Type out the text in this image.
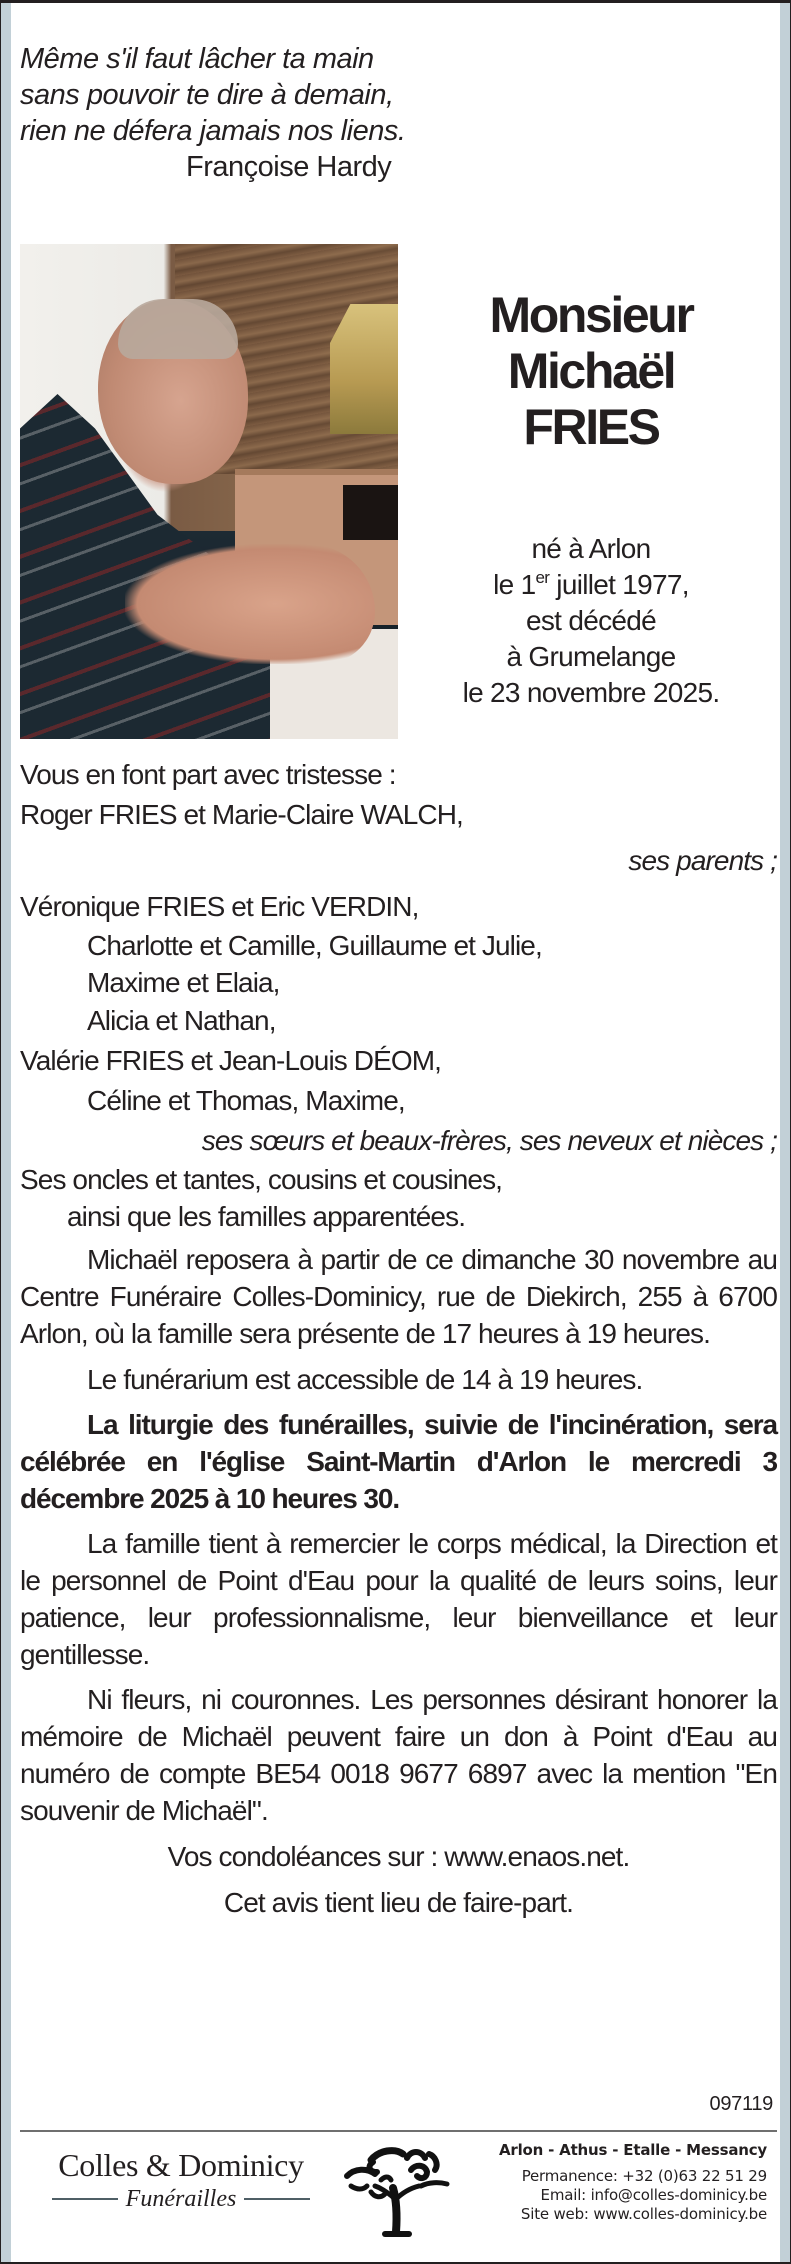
Même s'il faut lâcher ta main
sans pouvoir te dire à demain,
rien ne défera jamais nos liens.
Françoise Hardy
Monsieur
Michaël
FRIES
né à Arlon
le 1er juillet 1977,
est décédé
à Grumelange
le 23 novembre 2025.

Vous en font part avec tristesse :

Roger FRIES et Marie-Claire WALCH,

ses parents ;

Véronique FRIES et Eric VERDIN,

Charlotte et Camille, Guillaume et Julie,

Maxime et Elaia,

Alicia et Nathan,

Valérie FRIES et Jean-Louis DÉOM,

Céline et Thomas, Maxime,

ses sœurs et beaux-frères, ses neveux et nièces ;

Ses oncles et tantes, cousins et cousines,

ainsi que les familles apparentées.

Michaël reposera à partir de ce dimanche 30 novembre au Centre Funéraire Colles-Dominicy, rue de Diekirch, 255 à 6700 Arlon, où la famille sera présente de 17 heures à 19 heures.

Le funérarium est accessible de 14 à 19 heures.

La liturgie des funérailles, suivie de l'incinération, sera célébrée en l'église Saint-Martin d'Arlon le mercredi 3 décembre 2025 à 10 heures 30.

La famille tient à remercier le corps médical, la Direction et le personnel de Point d'Eau pour la qualité de leurs soins, leur patience, leur professionnalisme, leur bienveillance et leur gentillesse.

Ni fleurs, ni couronnes. Les personnes désirant honorer la mémoire de Michaël peuvent faire un don à Point d'Eau au numéro de compte BE54 0018 9677 6897 avec la mention "En souvenir de Michaël".

Vos condoléances sur : www.enaos.net.

Cet avis tient lieu de faire-part.

097119
Colles & Dominicy
Funérailles
Arlon - Athus - Etalle - Messancy
Permanence: +32 (0)63 22 51 29
Email: info@colles-dominicy.be
Site web: www.colles-dominicy.be
